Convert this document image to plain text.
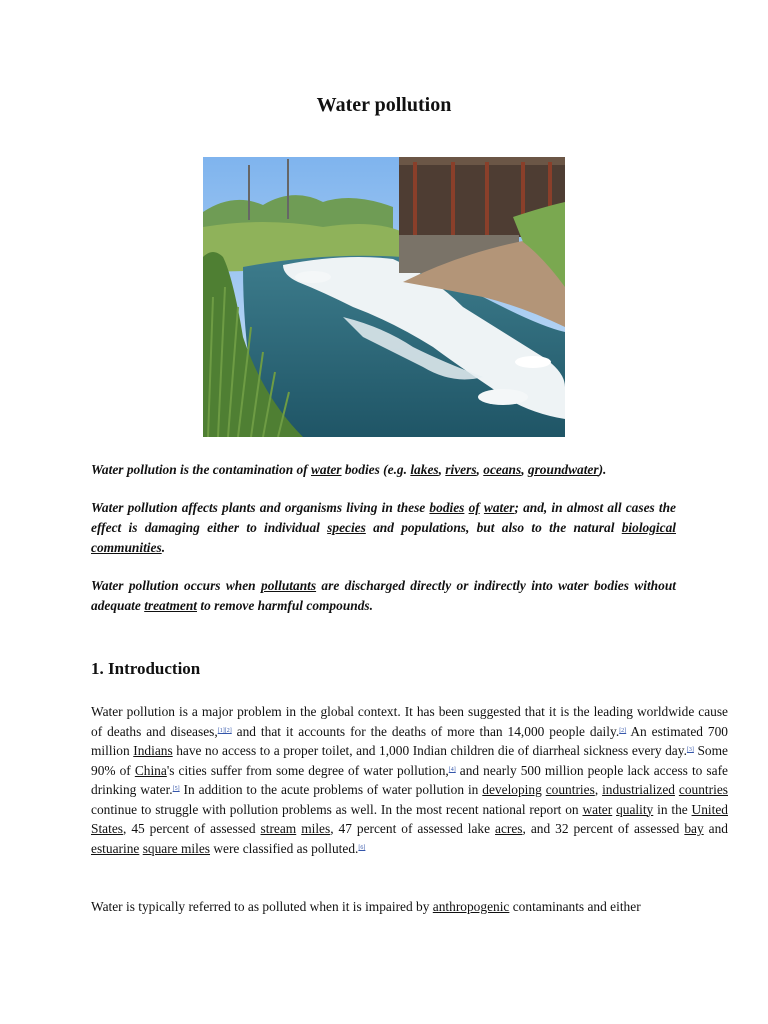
Water pollution

Water pollution is the contamination of water bodies (e.g. lakes, rivers, oceans, groundwater).

Water pollution affects plants and organisms living in these bodies of water; and, in almost all cases the effect is damaging either to individual species and populations, but also to the natural biological communities.

Water pollution occurs when pollutants are discharged directly or indirectly into water bodies without adequate treatment to remove harmful compounds.

1. Introduction

Water pollution is a major problem in the global context. It has been suggested that it is the leading worldwide cause of deaths and diseases,[1][2] and that it accounts for the deaths of more than 14,000 people daily.[2] An estimated 700 million Indians have no access to a proper toilet, and 1,000 Indian children die of diarrheal sickness every day.[3] Some 90% of China's cities suffer from some degree of water pollution,[4] and nearly 500 million people lack access to safe drinking water.[5] In addition to the acute problems of water pollution in developing countries, industrialized countries continue to struggle with pollution problems as well. In the most recent national report on water quality in the United States, 45 percent of assessed stream miles, 47 percent of assessed lake acres, and 32 percent of assessed bay and estuarine square miles were classified as polluted.[6]

Water is typically referred to as polluted when it is impaired by anthropogenic contaminants and either
